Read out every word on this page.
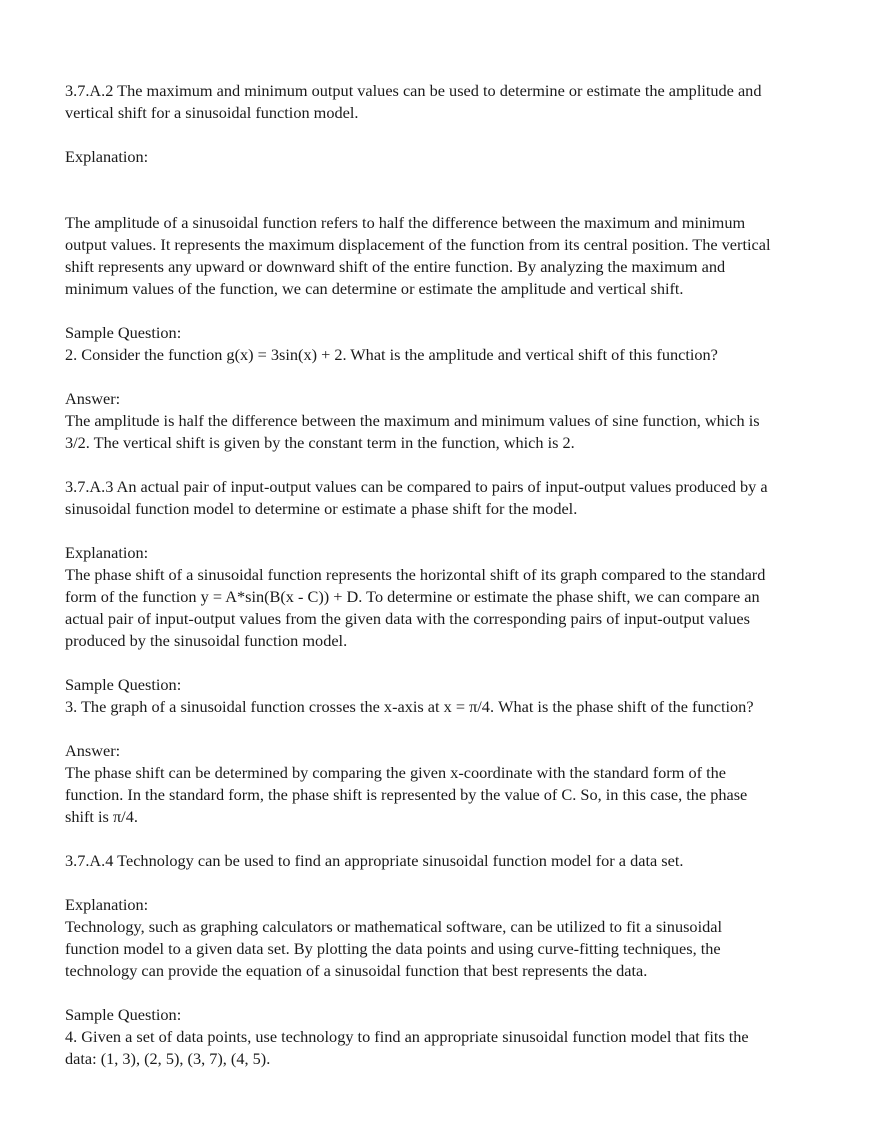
3.7.A.2 The maximum and minimum output values can be used to determine or estimate the amplitude and
vertical shift for a sinusoidal function model.

Explanation:

The amplitude of a sinusoidal function refers to half the difference between the maximum and minimum
output values. It represents the maximum displacement of the function from its central position. The vertical
shift represents any upward or downward shift of the entire function. By analyzing the maximum and
minimum values of the function, we can determine or estimate the amplitude and vertical shift.

Sample Question:
2. Consider the function g(x) = 3sin(x) + 2. What is the amplitude and vertical shift of this function?

Answer:
The amplitude is half the difference between the maximum and minimum values of sine function, which is
3/2. The vertical shift is given by the constant term in the function, which is 2.

3.7.A.3 An actual pair of input-output values can be compared to pairs of input-output values produced by a
sinusoidal function model to determine or estimate a phase shift for the model.

Explanation:
The phase shift of a sinusoidal function represents the horizontal shift of its graph compared to the standard
form of the function y = A*sin(B(x - C)) + D. To determine or estimate the phase shift, we can compare an
actual pair of input-output values from the given data with the corresponding pairs of input-output values
produced by the sinusoidal function model.

Sample Question:
3. The graph of a sinusoidal function crosses the x-axis at x = π/4. What is the phase shift of the function?

Answer:
The phase shift can be determined by comparing the given x-coordinate with the standard form of the
function. In the standard form, the phase shift is represented by the value of C. So, in this case, the phase
shift is π/4.

3.7.A.4 Technology can be used to find an appropriate sinusoidal function model for a data set.

Explanation:
Technology, such as graphing calculators or mathematical software, can be utilized to fit a sinusoidal
function model to a given data set. By plotting the data points and using curve-fitting techniques, the
technology can provide the equation of a sinusoidal function that best represents the data.

Sample Question:
4. Given a set of data points, use technology to find an appropriate sinusoidal function model that fits the
data: (1, 3), (2, 5), (3, 7), (4, 5).
